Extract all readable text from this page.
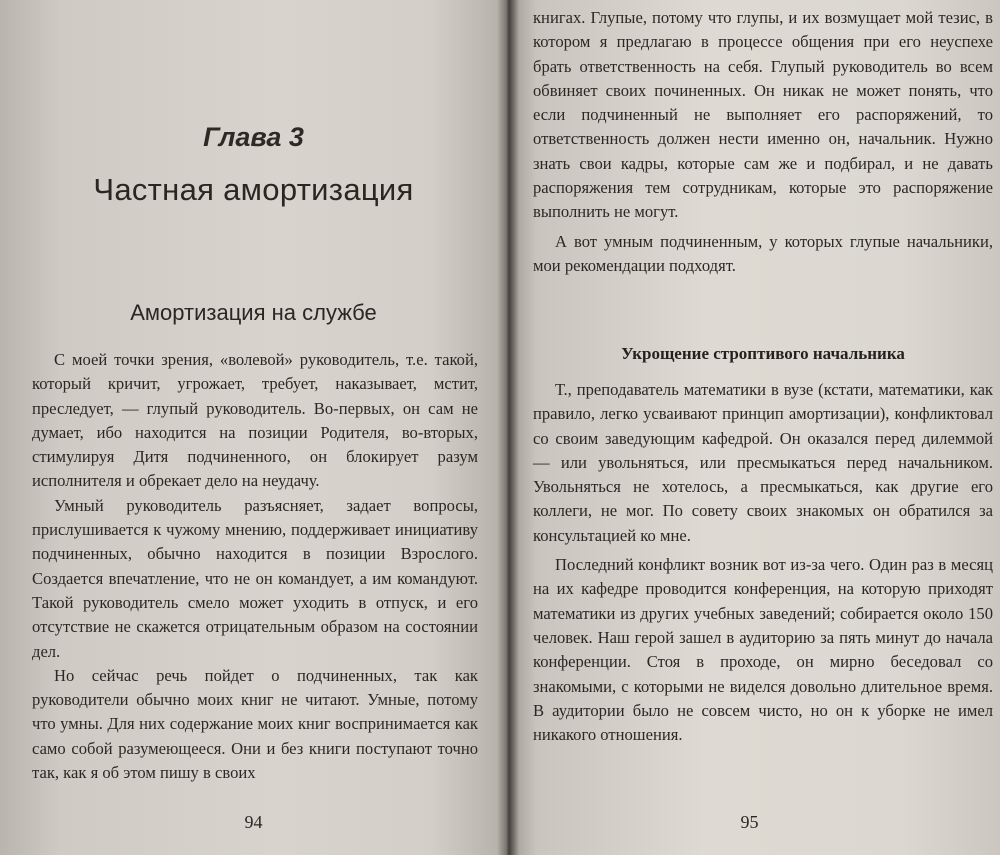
Глава 3
Частная амортизация
Амортизация на службе

С моей точки зрения, «волевой» руководитель, т.е. такой, который кричит, угрожает, требует, наказывает, мстит, преследует, — глупый руководитель. Во-первых, он сам не думает, ибо находится на позиции Родителя, во-вторых, стимулируя Дитя подчиненного, он блокирует разум исполнителя и обрекает дело на неудачу.

Умный руководитель разъясняет, задает вопросы, прислушивается к чужому мнению, поддерживает инициативу подчиненных, обычно находится в позиции Взрослого. Создается впечатление, что не он командует, а им командуют. Такой руководитель смело может уходить в отпуск, и его отсутствие не скажется отрицательным образом на состоянии дел.

Но сейчас речь пойдет о подчиненных, так как руководители обычно моих книг не читают. Умные, потому что умны. Для них содержание моих книг воспринимается как само собой разумеющееся. Они и без книги поступают точно так, как я об этом пишу в своих

94

книгах. Глупые, потому что глупы, и их возмущает мой тезис, в котором я предлагаю в процессе общения при его неуспехе брать ответственность на себя. Глупый руководитель во всем обвиняет своих починенных. Он никак не может понять, что если подчиненный не выполняет его распоряжений, то ответственность должен нести именно он, начальник. Нужно знать свои кадры, которые сам же и подбирал, и не давать распоряжения тем сотрудникам, которые это распоряжение выполнить не могут.

А вот умным подчиненным, у которых глупые начальники, мои рекомендации подходят.

Укрощение строптивого начальника

Т., преподаватель математики в вузе (кстати, математики, как правило, легко усваивают принцип амортизации), конфликтовал со своим заведующим кафедрой. Он оказался перед дилеммой — или увольняться, или пресмыкаться перед начальником. Увольняться не хотелось, а пресмыкаться, как другие его коллеги, не мог. По совету своих знакомых он обратился за консультацией ко мне.

Последний конфликт возник вот из-за чего. Один раз в месяц на их кафедре проводится конференция, на которую приходят математики из других учебных заведений; собирается около 150 человек. Наш герой зашел в аудиторию за пять минут до начала конференции. Стоя в проходе, он мирно беседовал со знакомыми, с которыми не виделся довольно длительное время. В аудитории было не совсем чисто, но он к уборке не имел никакого отношения.

95
